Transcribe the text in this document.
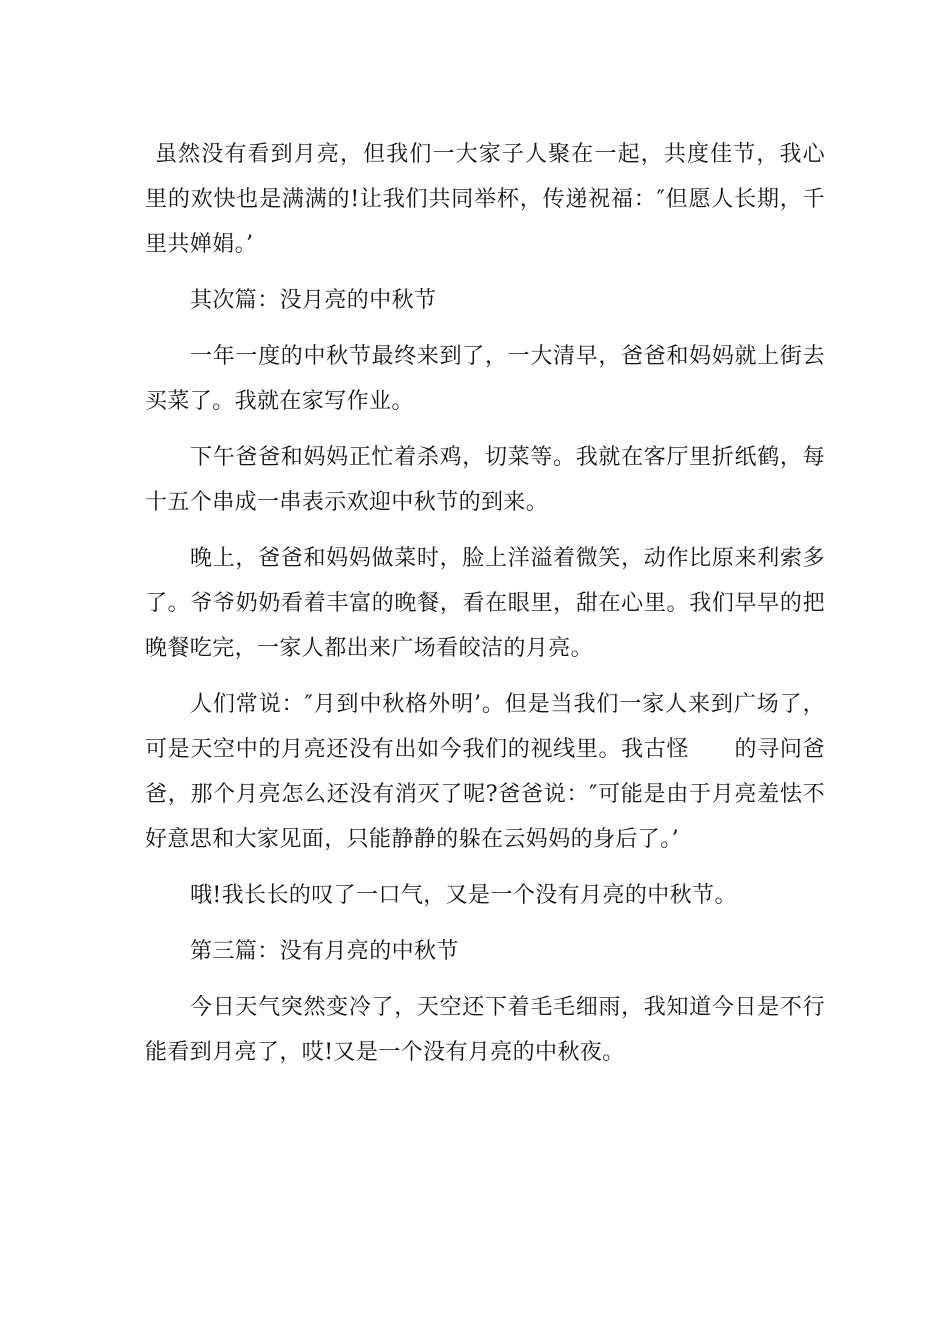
虽然没有看到月亮，但我们一大家子人聚在一起，共度佳节，我心里的欢快也是满满的!让我们共同举杯，传递祝福：″但愿人长期，千里共婵娟。’

其次篇：没月亮的中秋节

一年一度的中秋节最终来到了，一大清早，爸爸和妈妈就上街去买菜了。我就在家写作业。

下午爸爸和妈妈正忙着杀鸡，切菜等。我就在客厅里折纸鹤，每十五个串成一串表示欢迎中秋节的到来。

晚上，爸爸和妈妈做菜时，脸上洋溢着微笑，动作比原来利索多了。爷爷奶奶看着丰富的晚餐，看在眼里，甜在心里。我们早早的把晚餐吃完，一家人都出来广场看皎洁的月亮。

人们常说：″月到中秋格外明’。但是当我们一家人来到广场了，可是天空中的月亮还没有出如今我们的视线里。我古怪　　的寻问爸爸，那个月亮怎么还没有消灭了呢?爸爸说：″可能是由于月亮羞怯不好意思和大家见面，只能静静的躲在云妈妈的身后了。’

哦!我长长的叹了一口气，又是一个没有月亮的中秋节。

第三篇：没有月亮的中秋节

今日天气突然变冷了，天空还下着毛毛细雨，我知道今日是不行能看到月亮了，哎!又是一个没有月亮的中秋夜。
